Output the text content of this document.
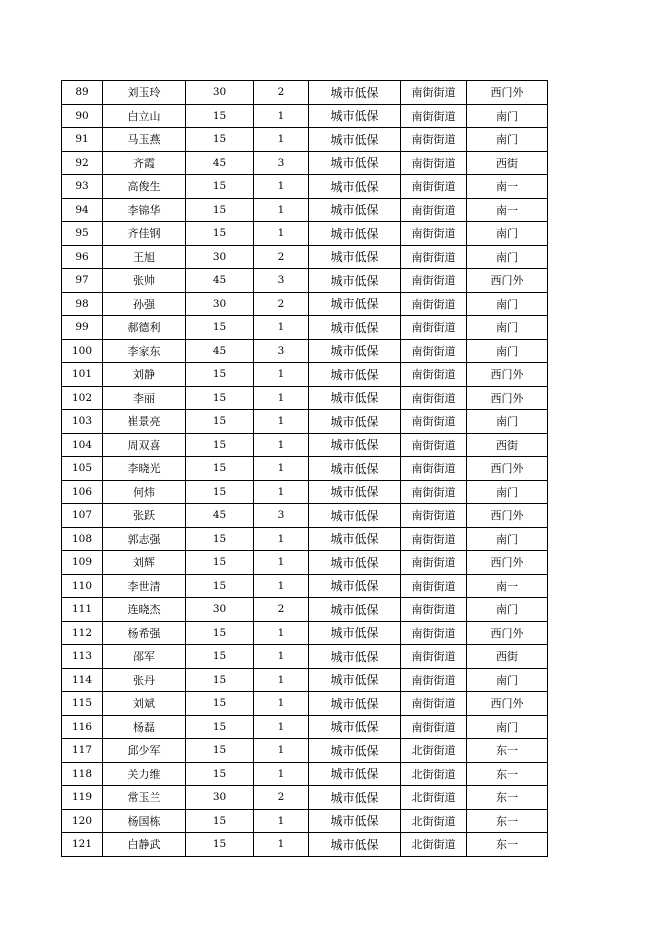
89	刘玉玲	30	2	城市低保	南街街道	西门外
90	白立山	15	1	城市低保	南街街道	南门
91	马玉燕	15	1	城市低保	南街街道	南门
92	齐霞	45	3	城市低保	南街街道	西街
93	高俊生	15	1	城市低保	南街街道	南一
94	李锦华	15	1	城市低保	南街街道	南一
95	齐佳钢	15	1	城市低保	南街街道	南门
96	王旭	30	2	城市低保	南街街道	南门
97	张帅	45	3	城市低保	南街街道	西门外
98	孙强	30	2	城市低保	南街街道	南门
99	郝德利	15	1	城市低保	南街街道	南门
100	李家东	45	3	城市低保	南街街道	南门
101	刘静	15	1	城市低保	南街街道	西门外
102	李丽	15	1	城市低保	南街街道	西门外
103	崔景亮	15	1	城市低保	南街街道	南门
104	周双喜	15	1	城市低保	南街街道	西街
105	李晓光	15	1	城市低保	南街街道	西门外
106	何炜	15	1	城市低保	南街街道	南门
107	张跃	45	3	城市低保	南街街道	西门外
108	郭志强	15	1	城市低保	南街街道	南门
109	刘辉	15	1	城市低保	南街街道	西门外
110	李世清	15	1	城市低保	南街街道	南一
111	连晓杰	30	2	城市低保	南街街道	南门
112	杨希强	15	1	城市低保	南街街道	西门外
113	邵军	15	1	城市低保	南街街道	西街
114	张丹	15	1	城市低保	南街街道	南门
115	刘斌	15	1	城市低保	南街街道	西门外
116	杨磊	15	1	城市低保	南街街道	南门
117	邱少军	15	1	城市低保	北街街道	东一
118	关力维	15	1	城市低保	北街街道	东一
119	常玉兰	30	2	城市低保	北街街道	东一
120	杨国栋	15	1	城市低保	北街街道	东一
121	白静武	15	1	城市低保	北街街道	东一
